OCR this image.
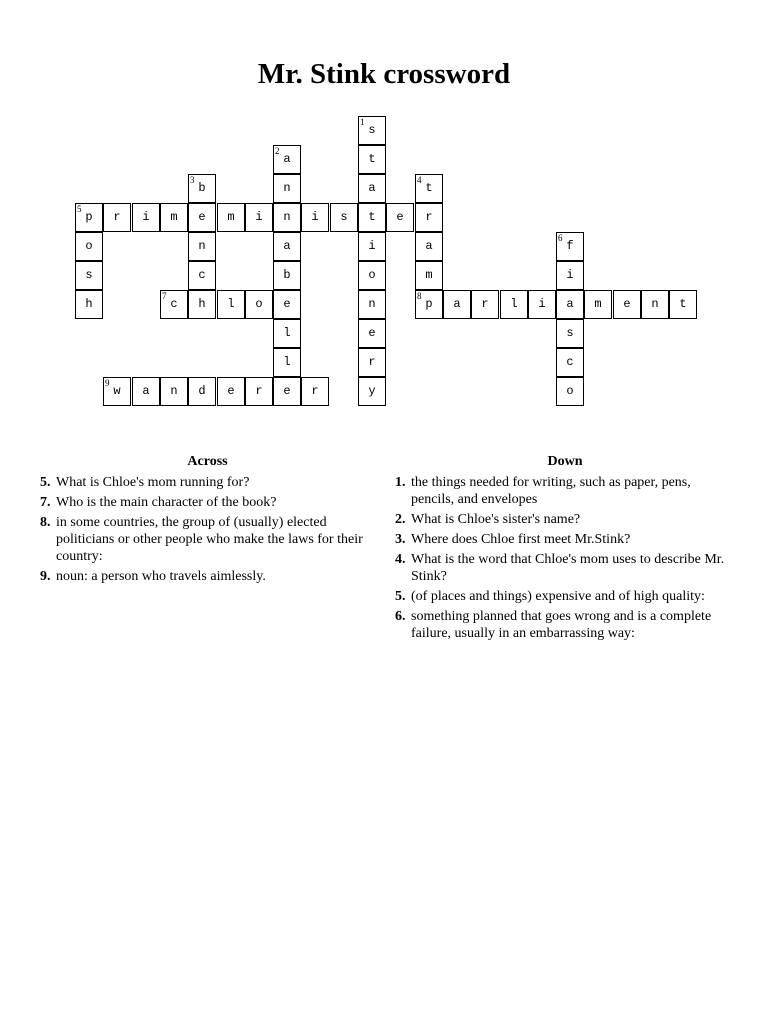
Mr. Stink crossword
1
s
2
a	t
3
b	n	a
4
t
5
p	r	i	m	e	m	i	n	i	s	t	e	r
o	n	a	i	a
6
f
s	c	b	o	m	i
h
7
c	h	l	o	e	n
8
p	a	r	l	i	a	m	e	n	t
l	e	s
l	r	c
9
w	a	n	d	e	r	e	r	y	o
Across
5. What is Chloe's mom running for?
7. Who is the main character of the book?
8. in some countries, the group of (usually) elected politicians or other people who make the laws for their country:
9. noun: a person who travels aimlessly.
Down
1. the things needed for writing, such as paper, pens, pencils, and envelopes
2. What is Chloe's sister's name?
3. Where does Chloe first meet Mr.Stink?
4. What is the word that Chloe's mom uses to describe Mr. Stink?
5. (of places and things) expensive and of high quality:
6. something planned that goes wrong and is a complete failure, usually in an embarrassing way:
